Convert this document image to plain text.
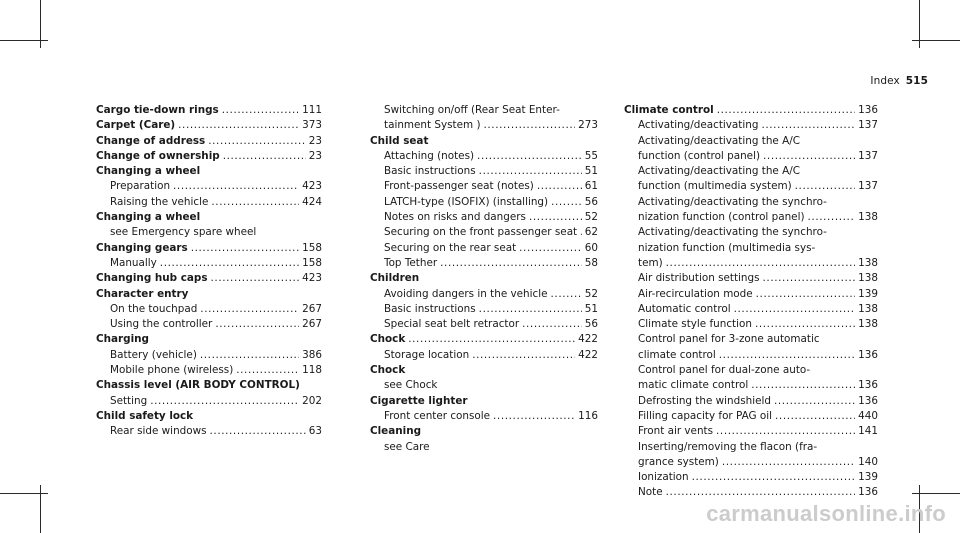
Index 515
Cargo tie-down rings .....	111
Carpet (Care) .....	373
Change of address .....	23
Change of ownership .....	23
Changing a wheel
Preparation .....	423
Raising the vehicle .....	424
Changing a wheel
see Emergency spare wheel
Changing gears .....	158
Manually .....	158
Changing hub caps .....	423
Character entry
On the touchpad .....	267
Using the controller .....	267
Charging
Battery (vehicle) .....	386
Mobile phone (wireless) .....	118
Chassis level (AIR BODY CONTROL)
Setting .....	202
Child safety lock
Rear side windows .....	63
Switching on/off (Rear Seat Enter-
tainment System ) .....	273
Child seat
Attaching (notes) .....	55
Basic instructions .....	51
Front-passenger seat (notes) .....	61
LATCH-type (ISOFIX) (installing) .....	56
Notes on risks and dangers .....	52
Securing on the front passenger seat ..... 62
Securing on the rear seat .....	60
Top Tether .....	58
Children
Avoiding dangers in the vehicle .....	52
Basic instructions .....	51
Special seat belt retractor .....	56
Chock .....	422
Storage location .....	422
Chock
see Chock
Cigarette lighter
Front center console .....	116
Cleaning
see Care
Climate control .....	136
Activating/deactivating .....	137
Activating/deactivating the A/C
function (control panel) .....	137
Activating/deactivating the A/C
function (multimedia system) .....	137
Activating/deactivating the synchro-
nization function (control panel) .....	138
Activating/deactivating the synchro-
nization function (multimedia sys-
tem) .....	138
Air distribution settings .....	138
Air-recirculation mode .....	139
Automatic control .....	138
Climate style function .....	138
Control panel for 3-zone automatic
climate control .....	136
Control panel for dual-zone auto-
matic climate control .....	136
Defrosting the windshield .....	136
Filling capacity for PAG oil .....	440
Front air vents .....	141
Inserting/removing the flacon (fra-
grance system) .....	140
Ionization .....	139
Note .....	136
carmanualsonline.info
